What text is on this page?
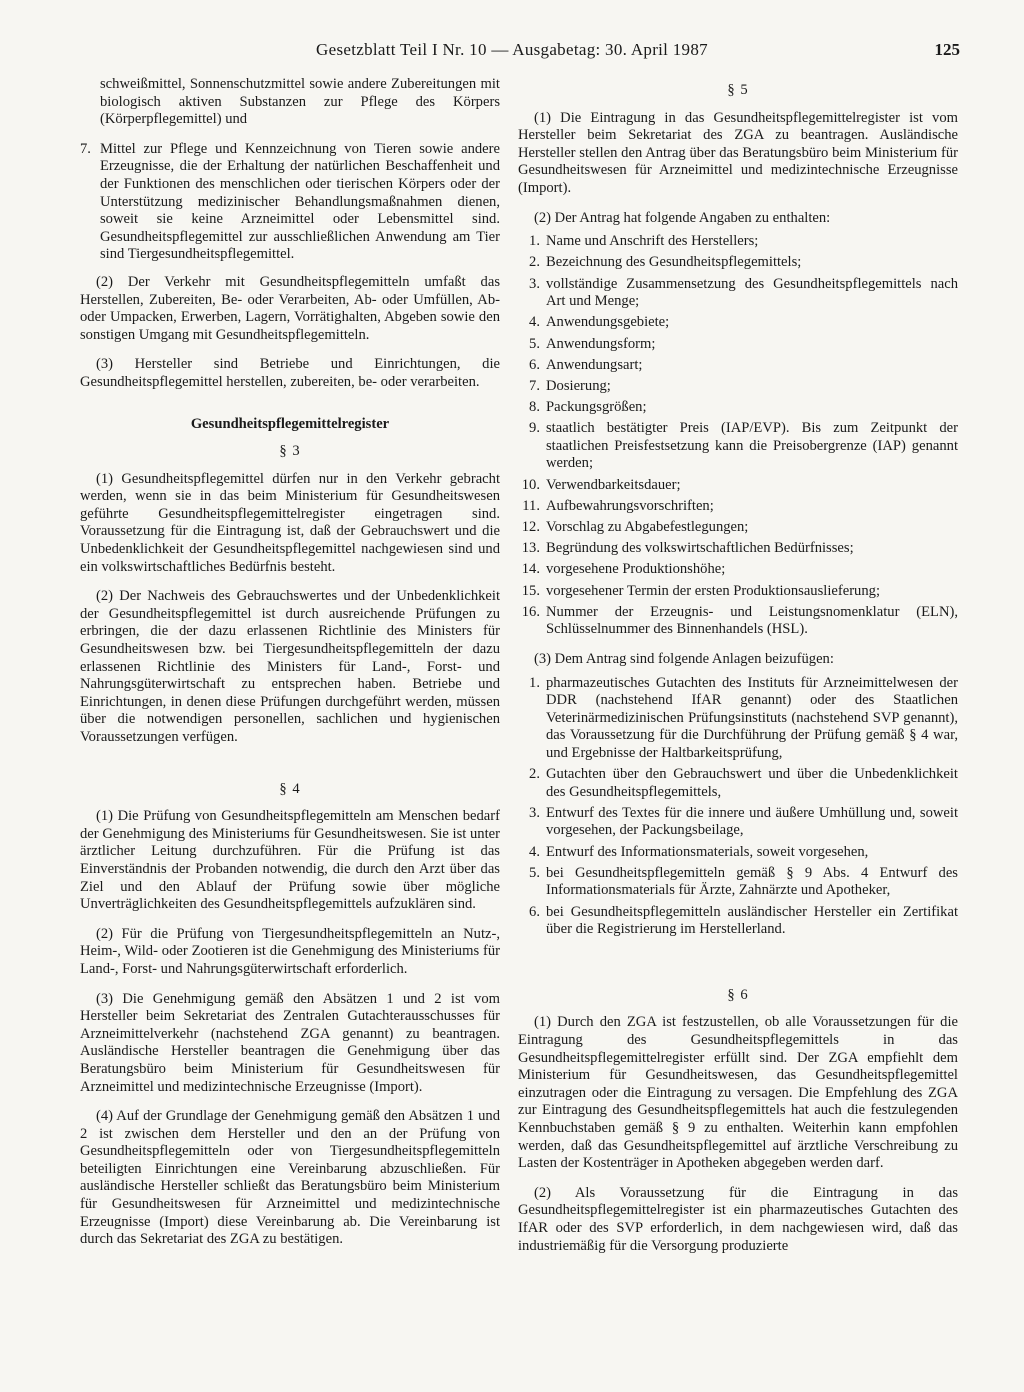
Gesetzblatt Teil I Nr. 10 — Ausgabetag: 30. April 1987	125

schweißmittel, Sonnenschutzmittel sowie andere Zubereitungen mit biologisch aktiven Substanzen zur Pflege des Körpers (Körperpflegemittel) und

7. Mittel zur Pflege und Kennzeichnung von Tieren sowie andere Erzeugnisse, die der Erhaltung der natürlichen Beschaffenheit und der Funktionen des menschlichen oder tierischen Körpers oder der Unterstützung medizinischer Behandlungsmaßnahmen dienen, soweit sie keine Arzneimittel oder Lebensmittel sind. Gesundheitspflegemittel zur ausschließlichen Anwendung am Tier sind Tiergesundheitspflegemittel.

(2) Der Verkehr mit Gesundheitspflegemitteln umfaßt das Herstellen, Zubereiten, Be- oder Verarbeiten, Ab- oder Umfüllen, Ab- oder Umpacken, Erwerben, Lagern, Vorrätighalten, Abgeben sowie den sonstigen Umgang mit Gesundheitspflegemitteln.

(3) Hersteller sind Betriebe und Einrichtungen, die Gesundheitspflegemittel herstellen, zubereiten, be- oder verarbeiten.

Gesundheitspflegemittelregister
§ 3

(1) Gesundheitspflegemittel dürfen nur in den Verkehr gebracht werden, wenn sie in das beim Ministerium für Gesundheitswesen geführte Gesundheitspflegemittelregister eingetragen sind. Voraussetzung für die Eintragung ist, daß der Gebrauchswert und die Unbedenklichkeit der Gesundheitspflegemittel nachgewiesen sind und ein volkswirtschaftliches Bedürfnis besteht.

(2) Der Nachweis des Gebrauchswertes und der Unbedenklichkeit der Gesundheitspflegemittel ist durch ausreichende Prüfungen zu erbringen, die der dazu erlassenen Richtlinie des Ministers für Gesundheitswesen bzw. bei Tiergesundheitspflegemitteln der dazu erlassenen Richtlinie des Ministers für Land-, Forst- und Nahrungsgüterwirtschaft zu entsprechen haben. Betriebe und Einrichtungen, in denen diese Prüfungen durchgeführt werden, müssen über die notwendigen personellen, sachlichen und hygienischen Voraussetzungen verfügen.

§ 4

(1) Die Prüfung von Gesundheitspflegemitteln am Menschen bedarf der Genehmigung des Ministeriums für Gesundheitswesen. Sie ist unter ärztlicher Leitung durchzuführen. Für die Prüfung ist das Einverständnis der Probanden notwendig, die durch den Arzt über das Ziel und den Ablauf der Prüfung sowie über mögliche Unverträglichkeiten des Gesundheitspflegemittels aufzuklären sind.

(2) Für die Prüfung von Tiergesundheitspflegemitteln an Nutz-, Heim-, Wild- oder Zootieren ist die Genehmigung des Ministeriums für Land-, Forst- und Nahrungsgüterwirtschaft erforderlich.

(3) Die Genehmigung gemäß den Absätzen 1 und 2 ist vom Hersteller beim Sekretariat des Zentralen Gutachterausschusses für Arzneimittelverkehr (nachstehend ZGA genannt) zu beantragen. Ausländische Hersteller beantragen die Genehmigung über das Beratungsbüro beim Ministerium für Gesundheitswesen für Arzneimittel und medizintechnische Erzeugnisse (Import).

(4) Auf der Grundlage der Genehmigung gemäß den Absätzen 1 und 2 ist zwischen dem Hersteller und den an der Prüfung von Gesundheitspflegemitteln oder von Tiergesundheitspflegemitteln beteiligten Einrichtungen eine Vereinbarung abzuschließen. Für ausländische Hersteller schließt das Beratungsbüro beim Ministerium für Gesundheitswesen für Arzneimittel und medizintechnische Erzeugnisse (Import) diese Vereinbarung ab. Die Vereinbarung ist durch das Sekretariat des ZGA zu bestätigen.

§ 5

(1) Die Eintragung in das Gesundheitspflegemittelregister ist vom Hersteller beim Sekretariat des ZGA zu beantragen. Ausländische Hersteller stellen den Antrag über das Beratungsbüro beim Ministerium für Gesundheitswesen für Arzneimittel und medizintechnische Erzeugnisse (Import).

(2) Der Antrag hat folgende Angaben zu enthalten:

1. Name und Anschrift des Herstellers;
2. Bezeichnung des Gesundheitspflegemittels;
3. vollständige Zusammensetzung des Gesundheitspflegemittels nach Art und Menge;
4. Anwendungsgebiete;
5. Anwendungsform;
6. Anwendungsart;
7. Dosierung;
8. Packungsgrößen;
9. staatlich bestätigter Preis (IAP/EVP). Bis zum Zeitpunkt der staatlichen Preisfestsetzung kann die Preisobergrenze (IAP) genannt werden;
10. Verwendbarkeitsdauer;
11. Aufbewahrungsvorschriften;
12. Vorschlag zu Abgabefestlegungen;
13. Begründung des volkswirtschaftlichen Bedürfnisses;
14. vorgesehene Produktionshöhe;
15. vorgesehener Termin der ersten Produktionsauslieferung;
16. Nummer der Erzeugnis- und Leistungsnomenklatur (ELN), Schlüsselnummer des Binnenhandels (HSL).

(3) Dem Antrag sind folgende Anlagen beizufügen:

1. pharmazeutisches Gutachten des Instituts für Arzneimittelwesen der DDR (nachstehend IfAR genannt) oder des Staatlichen Veterinärmedizinischen Prüfungsinstituts (nachstehend SVP genannt), das Voraussetzung für die Durchführung der Prüfung gemäß § 4 war, und Ergebnisse der Haltbarkeitsprüfung,
2. Gutachten über den Gebrauchswert und über die Unbedenklichkeit des Gesundheitspflegemittels,
3. Entwurf des Textes für die innere und äußere Umhüllung und, soweit vorgesehen, der Packungsbeilage,
4. Entwurf des Informationsmaterials, soweit vorgesehen,
5. bei Gesundheitspflegemitteln gemäß § 9 Abs. 4 Entwurf des Informationsmaterials für Ärzte, Zahnärzte und Apotheker,
6. bei Gesundheitspflegemitteln ausländischer Hersteller ein Zertifikat über die Registrierung im Herstellerland.
§ 6

(1) Durch den ZGA ist festzustellen, ob alle Voraussetzungen für die Eintragung des Gesundheitspflegemittels in das Gesundheitspflegemittelregister erfüllt sind. Der ZGA empfiehlt dem Ministerium für Gesundheitswesen, das Gesundheitspflegemittel einzutragen oder die Eintragung zu versagen. Die Empfehlung des ZGA zur Eintragung des Gesundheitspflegemittels hat auch die festzulegenden Kennbuchstaben gemäß § 9 zu enthalten. Weiterhin kann empfohlen werden, daß das Gesundheitspflegemittel auf ärztliche Verschreibung zu Lasten der Kostenträger in Apotheken abgegeben werden darf.

(2) Als Voraussetzung für die Eintragung in das Gesundheitspflegemittelregister ist ein pharmazeutisches Gutachten des IfAR oder des SVP erforderlich, in dem nachgewiesen wird, daß das industriemäßig für die Versorgung produzierte
